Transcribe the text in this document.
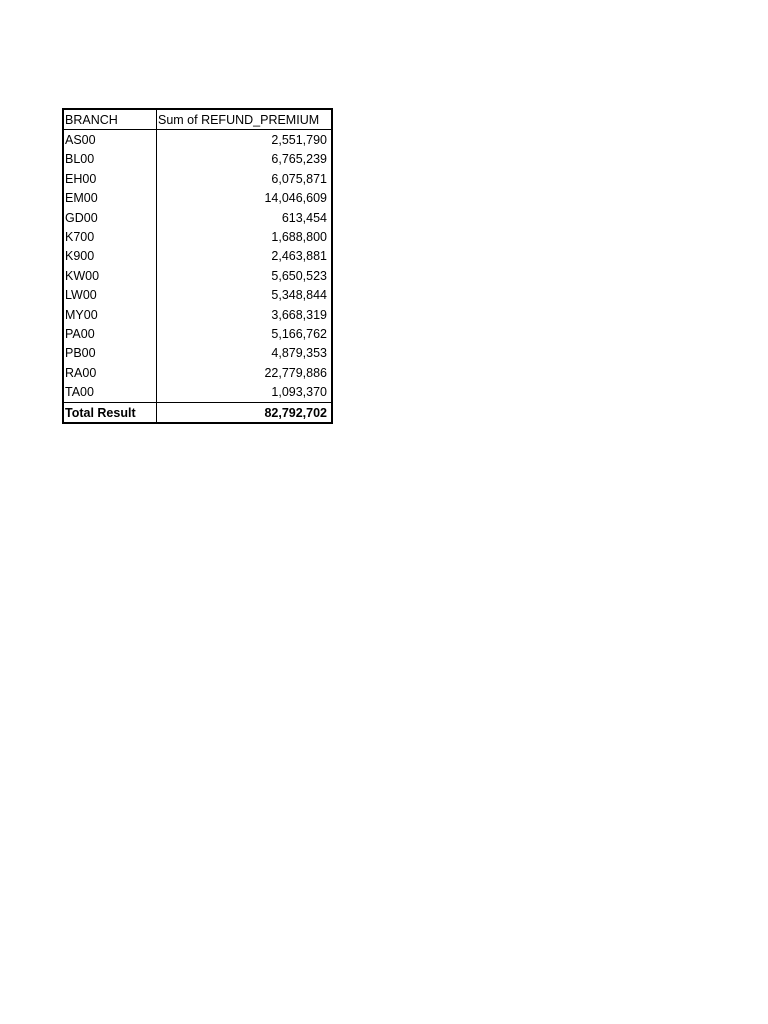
BRANCH	Sum of REFUND_PREMIUM
AS00	2,551,790
BL00	6,765,239
EH00	6,075,871
EM00	14,046,609
GD00	613,454
K700	1,688,800
K900	2,463,881
KW00	5,650,523
LW00	5,348,844
MY00	3,668,319
PA00	5,166,762
PB00	4,879,353
RA00	22,779,886
TA00	1,093,370
Total Result	82,792,702
